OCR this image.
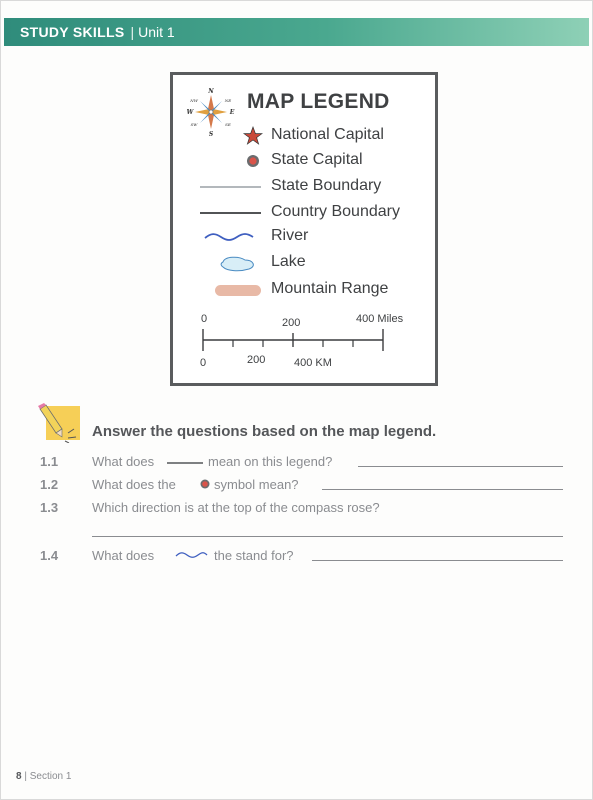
STUDY SKILLS | Unit 1
N
S
E
W
NE
NW
SE
SW
MAP LEGEND
National Capital
State Capital
State Boundary
Country Boundary
River
Lake
Mountain Range
0	200	400 Miles
0	200	400 KM
Answer the questions based on the map legend.
1.1	What does	mean on this legend?
1.2	What does the	symbol mean?
1.3	Which direction is at the top of the compass rose?
1.4	What does	the stand for?
8 | Section 1
